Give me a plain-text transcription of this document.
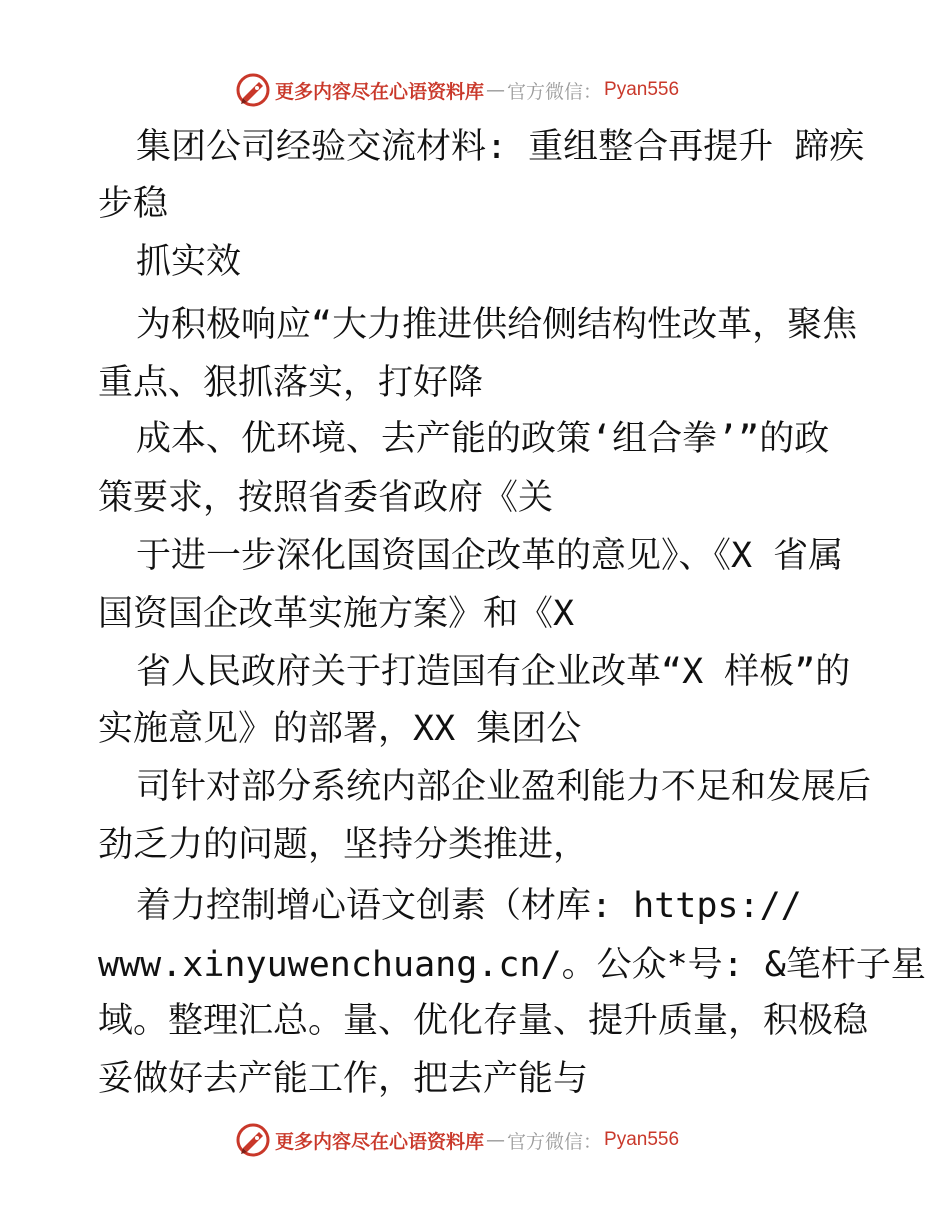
更多内容尽在心语资料库 — 官方微信： Pyan556
集团公司经验交流材料: 重组整合再提升 蹄疾
步稳
抓实效
为积极响应“大力推进供给侧结构性改革，聚焦
重点、狠抓落实，打好降
成本、优环境、去产能的政策‘组合拳’”的政
策要求，按照省委省政府《关
于进一步深化国资国企改革的意见》、《X 省属
国资国企改革实施方案》和《X
省人民政府关于打造国有企业改革“X 样板”的
实施意见》的部署，XX 集团公
司针对部分系统内部企业盈利能力不足和发展后
劲乏力的问题，坚持分类推进，
着力控制增心语文创素（材库: https://
www.xinyuwenchuang.cn/。公众*号: &笔杆子星
域。整理汇总。量、优化存量、提升质量，积极稳
妥做好去产能工作，把去产能与
更多内容尽在心语资料库 — 官方微信： Pyan556
